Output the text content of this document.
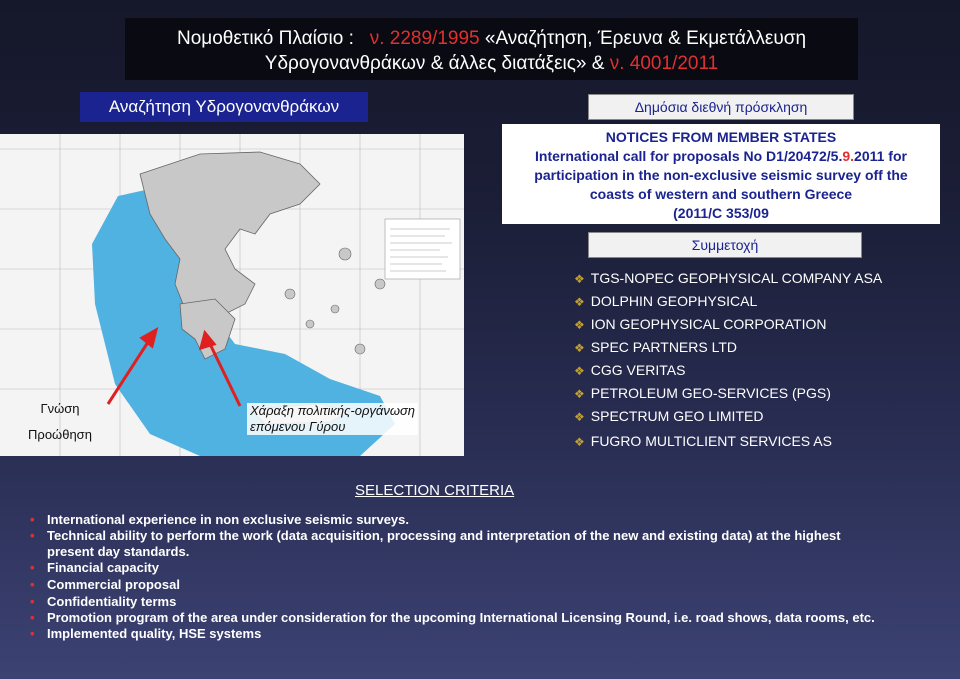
Νομοθετικό Πλαίσιο : ν. 2289/1995 «Αναζήτηση, Έρευνα & Εκμετάλλευση
Υδρογονανθράκων & άλλες διατάξεις» & ν. 4001/2011
Αναζήτηση Υδρογονανθράκων
Γνώση
Προώθηση
Χάραξη πολιτικής-οργάνωση
επόμενου Γύρου
Δημόσια διεθνή πρόσκληση
NOTICES FROM MEMBER STATES
International call for proposals No D1/20472/5.9.2011 for
participation in the non-exclusive seismic survey off the
coasts of western and southern Greece
(2011/C 353/09
Συμμετοχή
❖ TGS-NOPEC GEOPHYSICAL COMPANY ASA
❖ DOLPHIN GEOPHYSICAL
❖ ION GEOPHYSICAL CORPORATION
❖ SPEC PARTNERS LTD
❖ CGG VERITAS
❖ PETROLEUM GEO-SERVICES (PGS)
❖ SPECTRUM GEO LIMITED
❖ FUGRO MULTICLIENT SERVICES AS
SELECTION CRITERIA
• International experience in non exclusive seismic surveys.
• Technical ability to perform the work (data acquisition, processing and interpretation of the new and existing data) at the highest
present day standards.
• Financial capacity
• Commercial proposal
• Confidentiality terms
• Promotion program of the area under consideration for the upcoming International Licensing Round, i.e. road shows, data rooms, etc.
• Implemented quality, HSE systems
